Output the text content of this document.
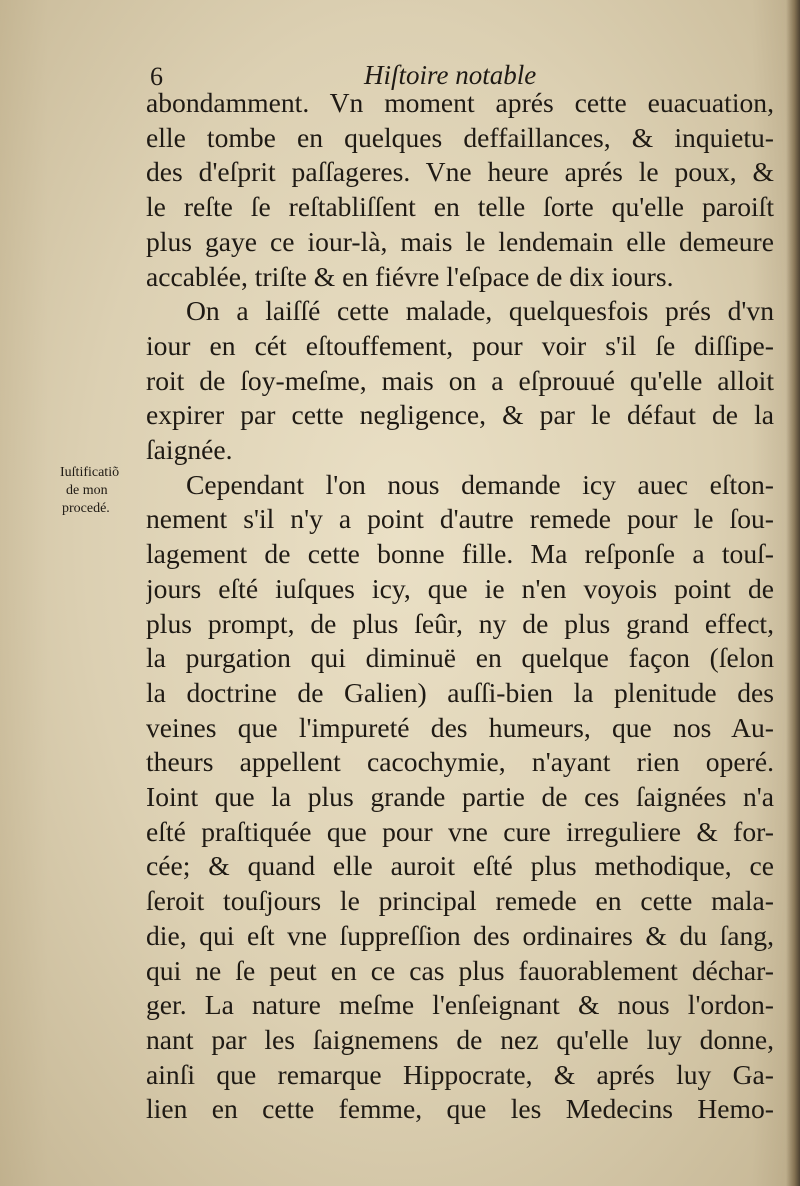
6	Hiſtoire notable
Iuſtificatiõ
de mon
procedé.
abondamment. Vn moment aprés cette euacuation,
elle tombe en quelques deffaillances, & inquietu-
des d'eſprit paſſageres. Vne heure aprés le poux, &
le reſte ſe reſtabliſſent en telle ſorte qu'elle paroiſt
plus gaye ce iour-là, mais le lendemain elle demeure
accablée, triſte & en fiévre l'eſpace de dix iours.
On a laiſſé cette malade, quelquesfois prés d'vn
iour en cét eſtouffement, pour voir s'il ſe diſſipe-
roit de ſoy-meſme, mais on a eſprouué qu'elle alloit
expirer par cette negligence, & par le défaut de la
ſaignée.
Cependant l'on nous demande icy auec eſton-
nement s'il n'y a point d'autre remede pour le ſou-
lagement de cette bonne fille. Ma reſponſe a touſ-
jours eſté iuſques icy, que ie n'en voyois point de
plus prompt, de plus ſeûr, ny de plus grand effect,
la purgation qui diminuë en quelque façon (ſelon
la doctrine de Galien) auſſi-bien la plenitude des
veines que l'impureté des humeurs, que nos Au-
theurs appellent cacochymie, n'ayant rien operé.
Ioint que la plus grande partie de ces ſaignées n'a
eſté praſtiquée que pour vne cure irreguliere & for-
cée; & quand elle auroit eſté plus methodique, ce
ſeroit touſjours le principal remede en cette mala-
die, qui eſt vne ſuppreſſion des ordinaires & du ſang,
qui ne ſe peut en ce cas plus fauorablement déchar-
ger. La nature meſme l'enſeignant & nous l'ordon-
nant par les ſaignemens de nez qu'elle luy donne,
ainſi que remarque Hippocrate, & aprés luy Ga-
lien en cette femme, que les Medecins Hemo-
